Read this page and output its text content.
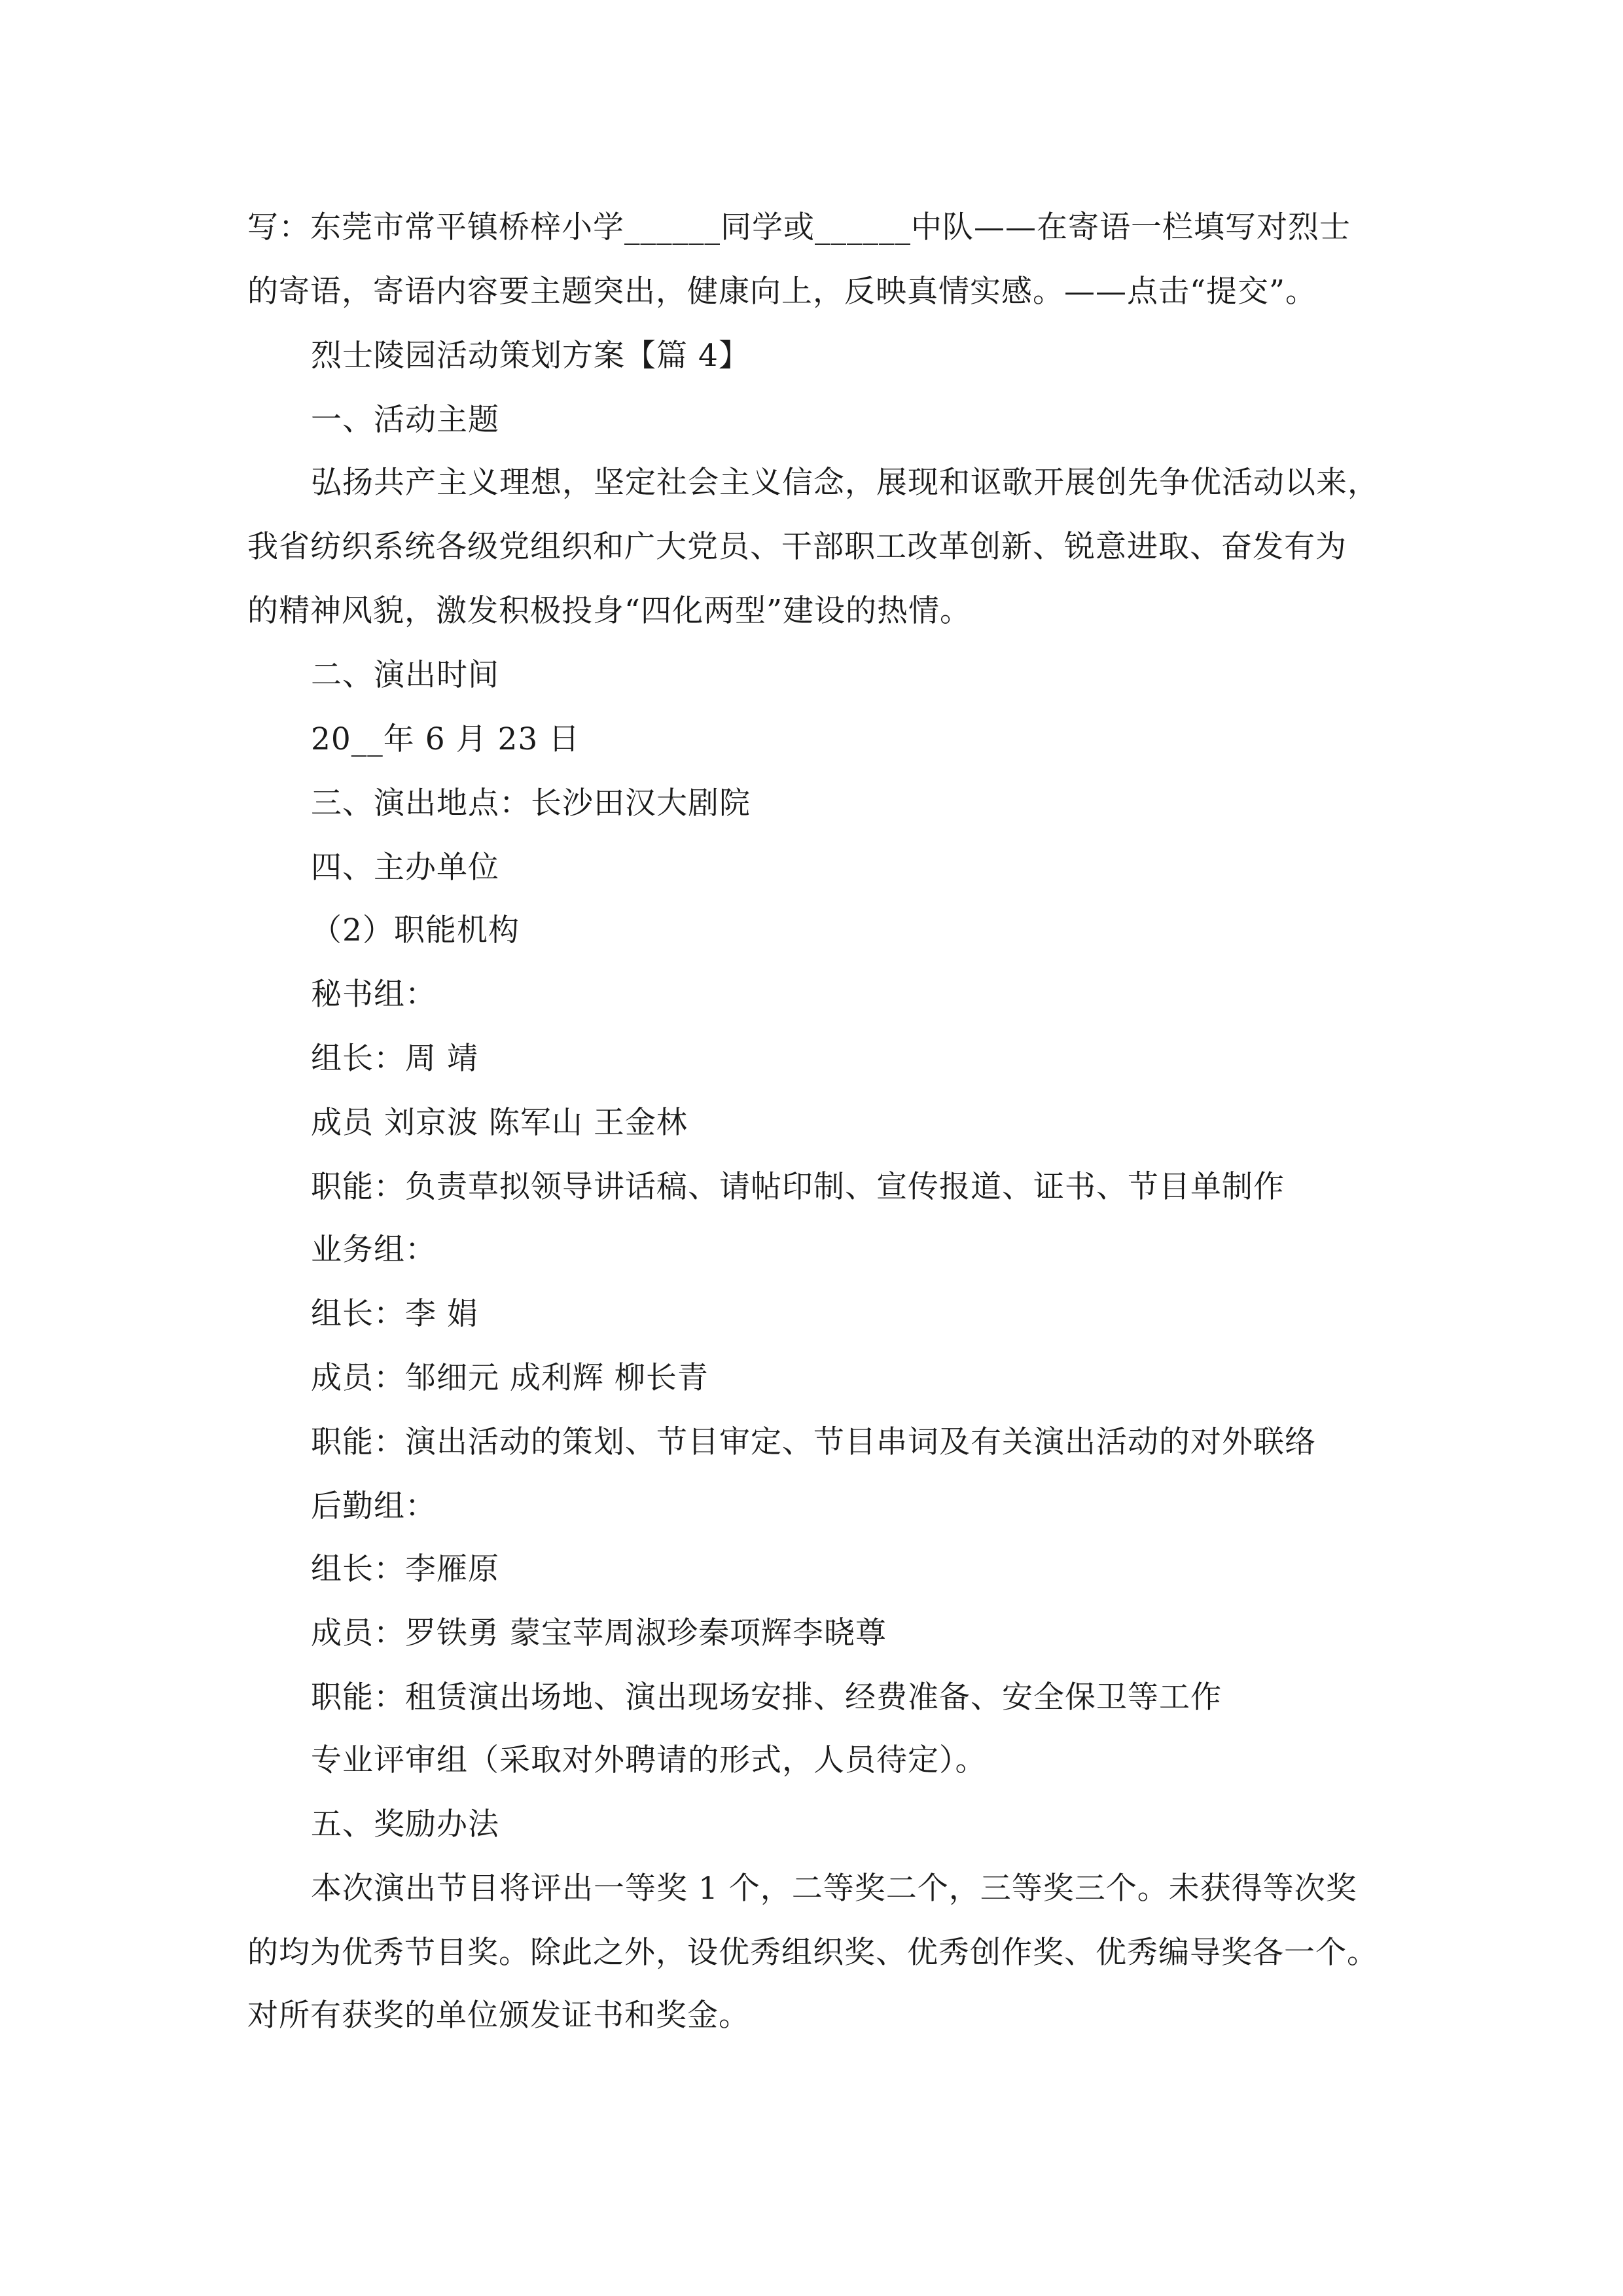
写：东莞市常平镇桥梓小学______同学或______中队——在寄语一栏填写对烈士
的寄语，寄语内容要主题突出，健康向上，反映真情实感。——点击“提交”。
烈士陵园活动策划方案【篇 4】
一、活动主题
弘扬共产主义理想，坚定社会主义信念，展现和讴歌开展创先争优活动以来，
我省纺织系统各级党组织和广大党员、干部职工改革创新、锐意进取、奋发有为
的精神风貌，激发积极投身“四化两型”建设的热情。
二、演出时间
20__年 6 月 23 日
三、演出地点：长沙田汉大剧院
四、主办单位
（2）职能机构
秘书组：
组长：周 靖
成员 刘京波 陈军山 王金林
职能：负责草拟领导讲话稿、请帖印制、宣传报道、证书、节目单制作
业务组：
组长：李 娟
成员：邹细元 成利辉 柳长青
职能：演出活动的策划、节目审定、节目串词及有关演出活动的对外联络
后勤组：
组长：李雁原
成员：罗铁勇 蒙宝苹周淑珍秦项辉李晓尊
职能：租赁演出场地、演出现场安排、经费准备、安全保卫等工作
专业评审组（采取对外聘请的形式，人员待定）。
五、奖励办法
本次演出节目将评出一等奖 1 个，二等奖二个，三等奖三个。未获得等次奖
的均为优秀节目奖。除此之外，设优秀组织奖、优秀创作奖、优秀编导奖各一个。
对所有获奖的单位颁发证书和奖金。
